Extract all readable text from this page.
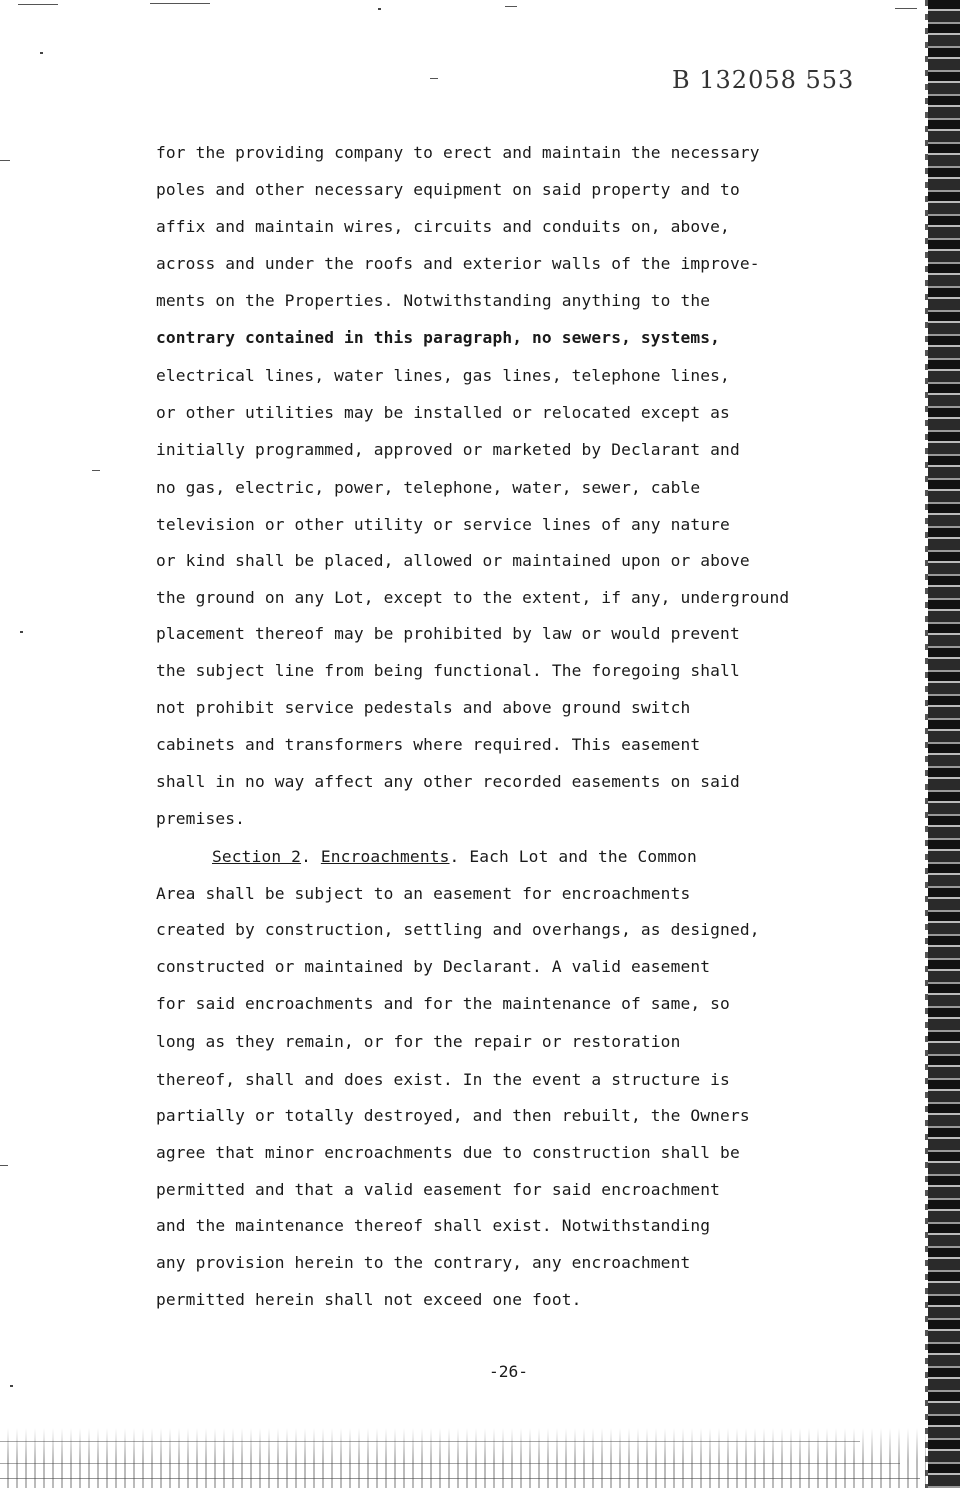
B 132058 553
for the providing company to erect and maintain the necessary
poles and other necessary equipment on said property and to
affix and maintain wires, circuits and conduits on, above,
across and under the roofs and exterior walls of the improve-
ments on the Properties. Notwithstanding anything to the
contrary contained in this paragraph, no sewers, systems,
electrical lines, water lines, gas lines, telephone lines,
or other utilities may be installed or relocated except as
initially programmed, approved or marketed by Declarant and
no gas, electric, power, telephone, water, sewer, cable
television or other utility or service lines of any nature
or kind shall be placed, allowed or maintained upon or above
the ground on any Lot, except to the extent, if any, underground
placement thereof may be prohibited by law or would prevent
the subject line from being functional. The foregoing shall
not prohibit service pedestals and above ground switch
cabinets and transformers where required. This easement
shall in no way affect any other recorded easements on said
premises.
Section 2. Encroachments. Each Lot and the Common
Area shall be subject to an easement for encroachments
created by construction, settling and overhangs, as designed,
constructed or maintained by Declarant. A valid easement
for said encroachments and for the maintenance of same, so
long as they remain, or for the repair or restoration
thereof, shall and does exist. In the event a structure is
partially or totally destroyed, and then rebuilt, the Owners
agree that minor encroachments due to construction shall be
permitted and that a valid easement for said encroachment
and the maintenance thereof shall exist. Notwithstanding
any provision herein to the contrary, any encroachment
permitted herein shall not exceed one foot.
-26-
